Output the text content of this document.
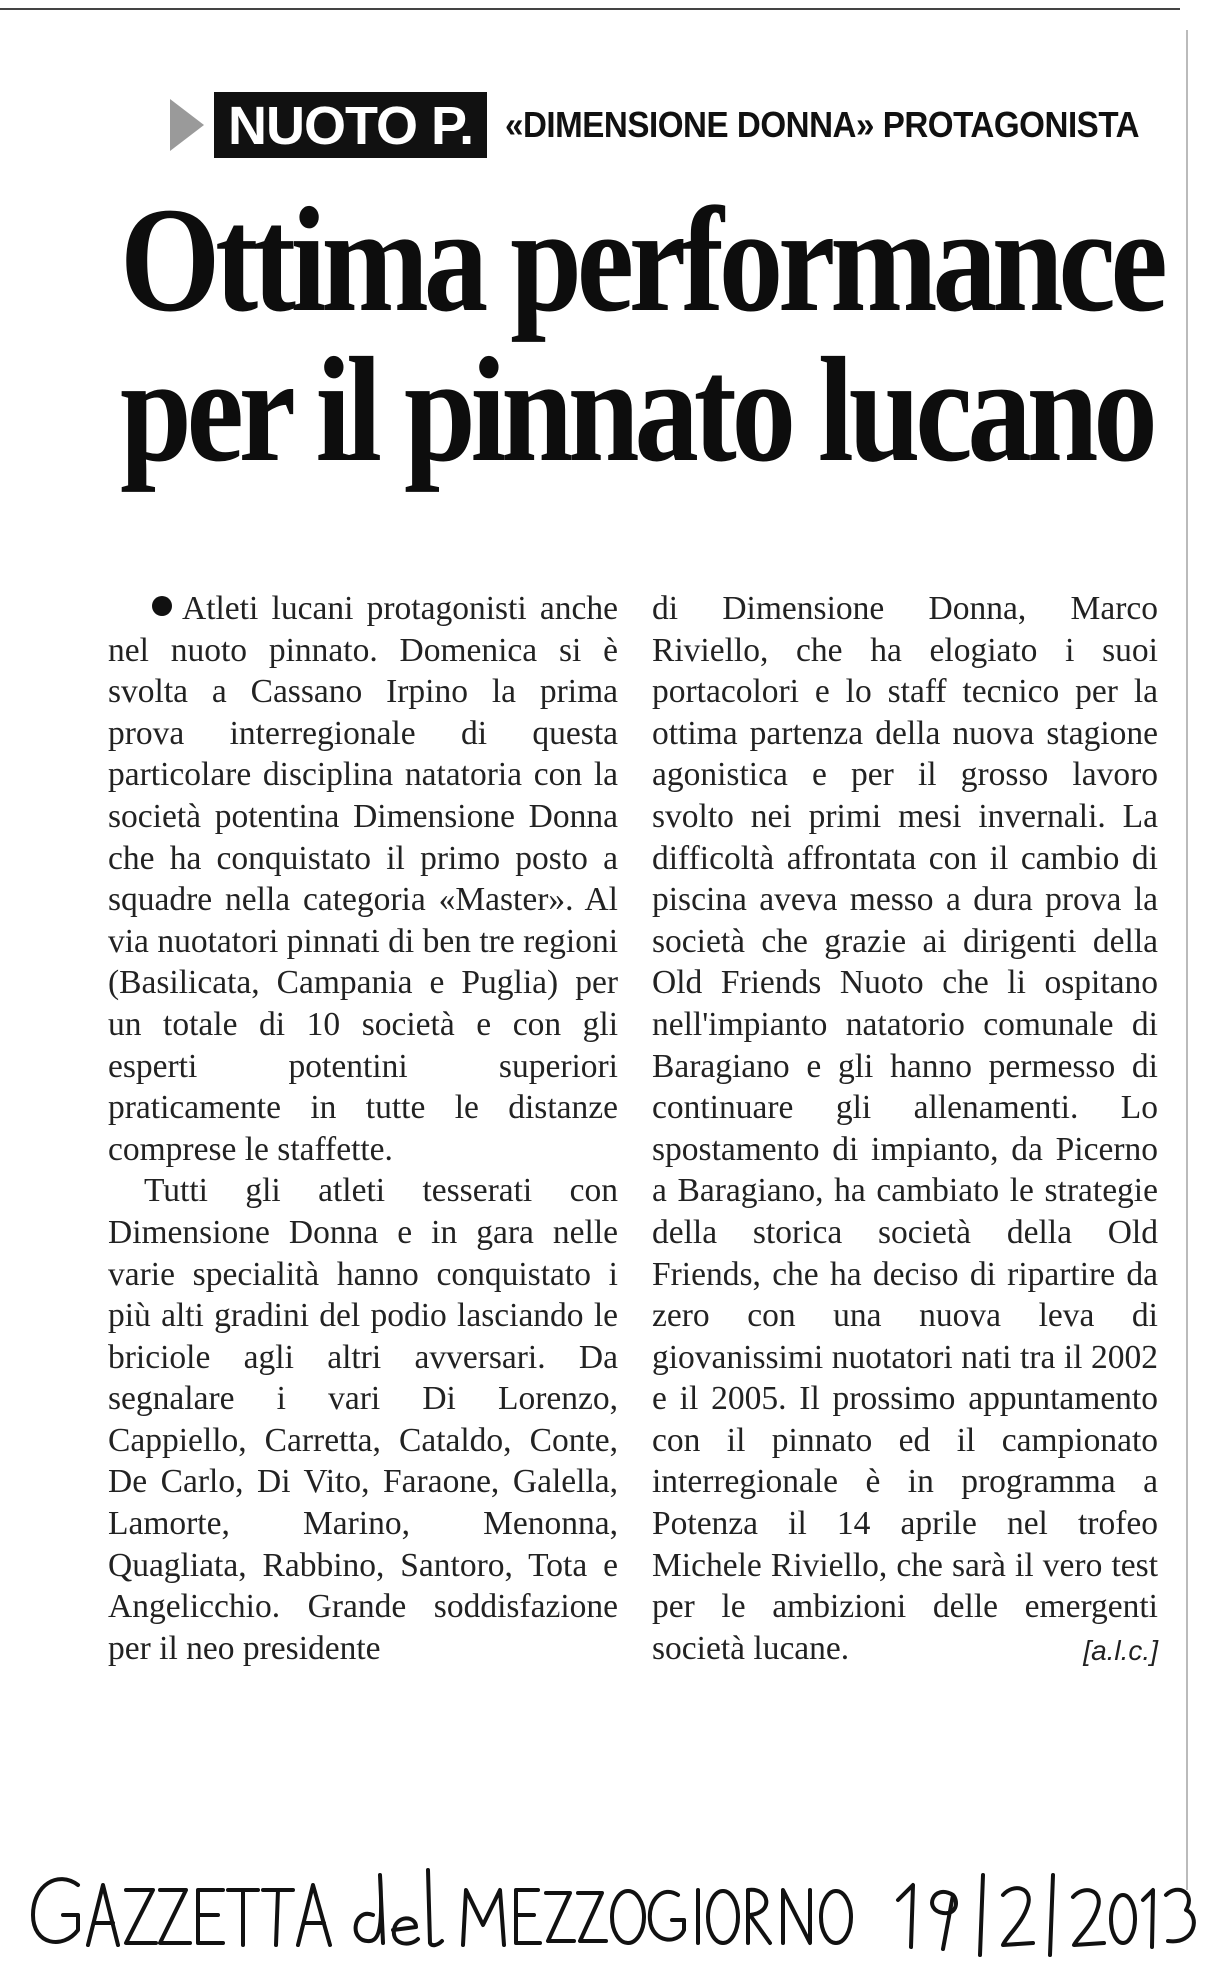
NUOTO P. «DIMENSIONE DONNA» PROTAGONISTA
Ottima performance
per il pinnato lucano

Atleti lucani protagonisti anche nel nuoto pinnato. Domenica si è svolta a Cassano Irpino la prima prova interregionale di questa particolare disciplina natatoria con la società potentina Dimensione Donna che ha conquistato il primo posto a squadre nella categoria «Master». Al via nuotatori pinnati di ben tre regioni (Basilicata, Campania e Puglia) per un totale di 10 società e con gli esperti potentini superiori praticamente in tutte le distanze comprese le staffette.

Tutti gli atleti tesserati con Dimensione Donna e in gara nelle varie specialità hanno conquistato i più alti gradini del podio lasciando le briciole agli altri avversari. Da segnalare i vari Di Lorenzo, Cappiello, Carretta, Cataldo, Conte, De Carlo, Di Vito, Faraone, Galella, Lamorte, Marino, Menonna, Quagliata, Rabbino, Santoro, Tota e Angelicchio. Grande soddisfazione per il neo presidente

di Dimensione Donna, Marco Riviello, che ha elogiato i suoi portacolori e lo staff tecnico per la ottima partenza della nuova stagione agonistica e per il grosso lavoro svolto nei primi mesi invernali. La difficoltà affrontata con il cambio di piscina aveva messo a dura prova la società che grazie ai dirigenti della Old Friends Nuoto che li ospitano nell'impianto natatorio comunale di Baragiano e gli hanno permesso di continuare gli allenamenti. Lo spostamento di impianto, da Picerno a Baragiano, ha cambiato le strategie della storica società della Old Friends, che ha deciso di ripartire da zero con una nuova leva di giovanissimi nuotatori nati tra il 2002 e il 2005. Il prossimo appuntamento con il pinnato ed il campionato interregionale è in programma a Potenza il 14 aprile nel trofeo Michele Riviello, che sarà il vero test per le ambizioni delle emergenti società lucane.	[a.l.c.]
